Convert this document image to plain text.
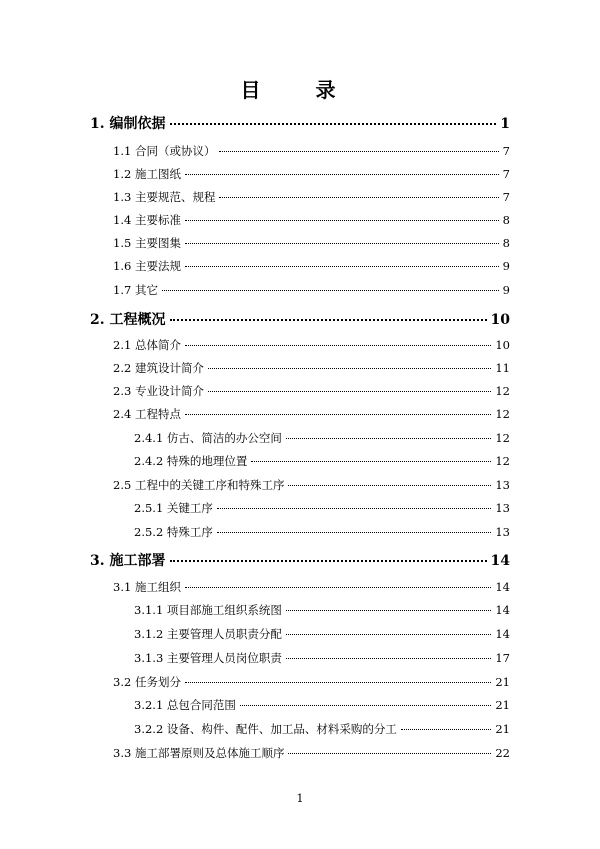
目 录
1. 编制依据	1
1.1 合同（或协议）	7
1.2 施工图纸	7
1.3 主要规范、规程	7
1.4 主要标准	8
1.5 主要图集	8
1.6 主要法规	9
1.7 其它	9
2. 工程概况	10
2.1 总体简介	10
2.2 建筑设计简介	11
2.3 专业设计简介	12
2.4 工程特点	12
2.4.1 仿古、简洁的办公空间	12
2.4.2 特殊的地理位置	12
2.5 工程中的关键工序和特殊工序	13
2.5.1 关键工序	13
2.5.2 特殊工序	13
3. 施工部署	14
3.1 施工组织	14
3.1.1 项目部施工组织系统图	14
3.1.2 主要管理人员职责分配	14
3.1.3 主要管理人员岗位职责	17
3.2 任务划分	21
3.2.1 总包合同范围	21
3.2.2 设备、构件、配件、加工品、材料采购的分工	21
3.3 施工部署原则及总体施工顺序	22
1
